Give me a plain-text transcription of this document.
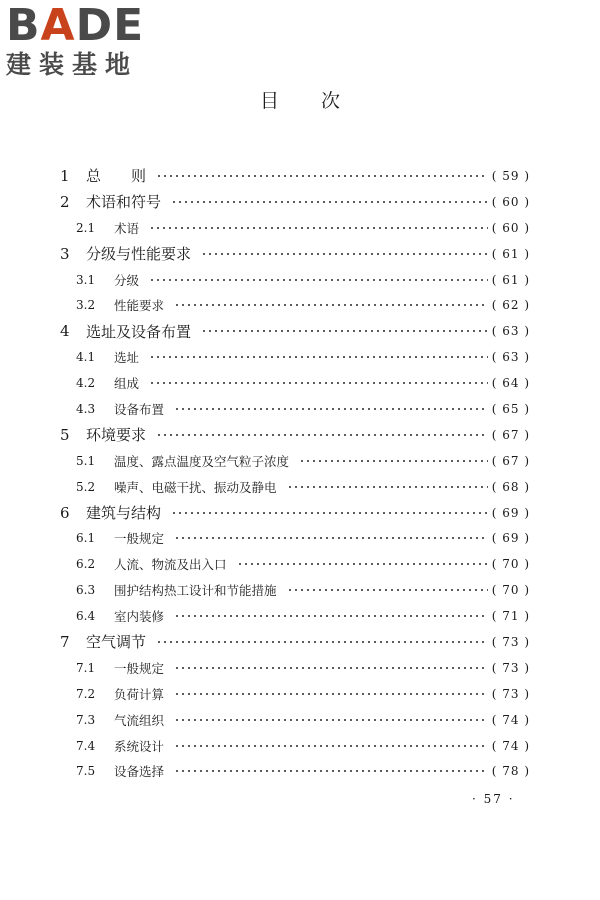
B A DE
建装基地
目次
1	总　　则	( 59 )
2	术语和符号	( 60 )
2.1	术语	( 60 )
3	分级与性能要求	( 61 )
3.1	分级	( 61 )
3.2	性能要求	( 62 )
4	选址及设备布置	( 63 )
4.1	选址	( 63 )
4.2	组成	( 64 )
4.3	设备布置	( 65 )
5	环境要求	( 67 )
5.1	温度、露点温度及空气粒子浓度	( 67 )
5.2	噪声、电磁干扰、振动及静电	( 68 )
6	建筑与结构	( 69 )
6.1	一般规定	( 69 )
6.2	人流、物流及出入口	( 70 )
6.3	围护结构热工设计和节能措施	( 70 )
6.4	室内装修	( 71 )
7	空气调节	( 73 )
7.1	一般规定	( 73 )
7.2	负荷计算	( 73 )
7.3	气流组织	( 74 )
7.4	系统设计	( 74 )
7.5	设备选择	( 78 )
· 57 ·
